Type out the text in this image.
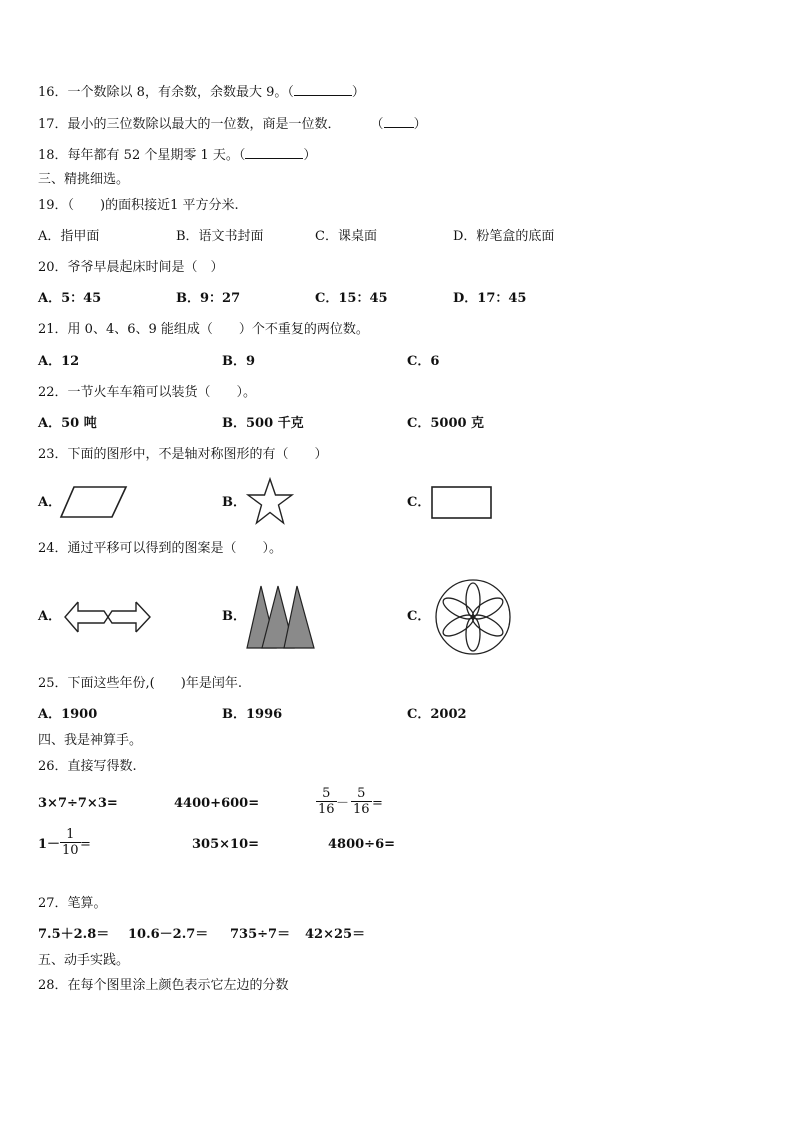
16．一个数除以 8，有余数，余数最大 9。（	）
17．最小的三位数除以最大的一位数，商是一位数． （ ）
18．每年都有 52 个星期零 1 天。（	）
三、精挑细选。
19．（　　)的面积接近1 平方分米.
A．指甲面	B．语文书封面	C．课桌面	D．粉笔盒的底面
20．爷爷早晨起床时间是（　）
A．5：45	B．9：27	C．15：45	D．17：45
21．用 0、4、6、9 能组成（　　）个不重复的两位数。
A．12	B．9	C．6
22．一节火车车箱可以装货（　　）。
A．50 吨	B．500 千克	C．5000 克
23．下面的图形中，不是轴对称图形的有（　　）
A．	B．	C．
24．通过平移可以得到的图案是（　　）。
A．	B．	C．
25．下面这些年份,(　　)年是闰年.
A．1900	B．1996	C．2002
四、我是神算手。
26．直接写得数.
3×7÷7×3=	4400+600=	$\frac{5}{16} - \frac{5}{16}$ =
$1- \frac{1}{10}$ =	305×10=	4800÷6=
27．笔算。
7.5＋2.8＝ 10.6－2.7＝ 735÷7＝ 42×25＝
五、动手实践。
28．在每个图里涂上颜色表示它左边的分数
